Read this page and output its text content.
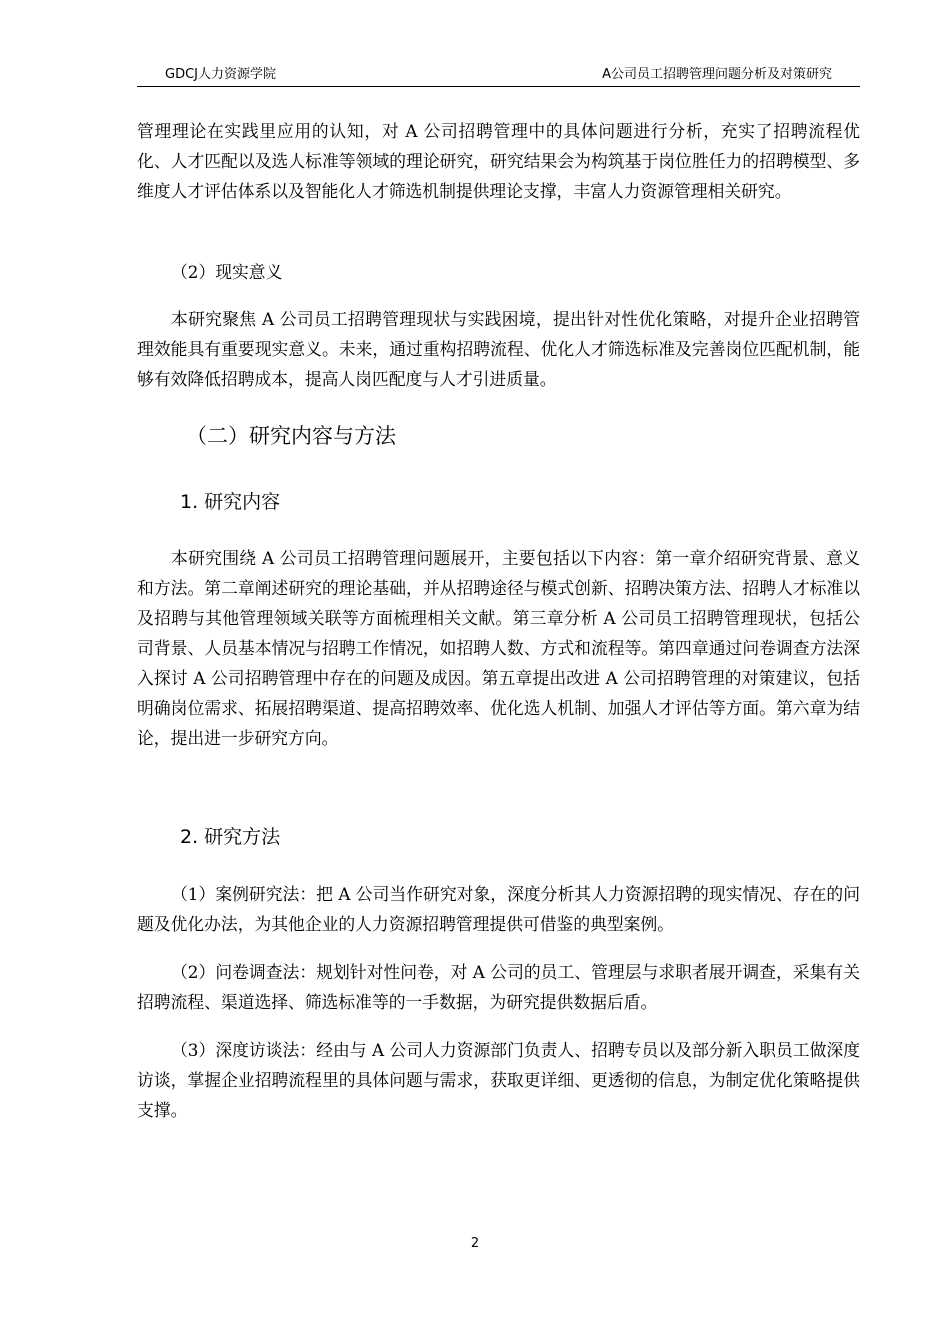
GDCJ人力资源学院	A公司员工招聘管理问题分析及对策研究
管理理论在实践里应用的认知，对 A 公司招聘管理中的具体问题进行分析，充实了招聘流程优化、人才匹配以及选人标准等领域的理论研究，研究结果会为构筑基于岗位胜任力的招聘模型、多维度人才评估体系以及智能化人才筛选机制提供理论支撑，丰富人力资源管理相关研究。
（2）现实意义
本研究聚焦 A 公司员工招聘管理现状与实践困境，提出针对性优化策略，对提升企业招聘管理效能具有重要现实意义。未来，通过重构招聘流程、优化人才筛选标准及完善岗位匹配机制，能够有效降低招聘成本，提高人岗匹配度与人才引进质量。
（二）研究内容与方法
1. 研究内容
本研究围绕 A 公司员工招聘管理问题展开，主要包括以下内容：第一章介绍研究背景、意义和方法。第二章阐述研究的理论基础，并从招聘途径与模式创新、招聘决策方法、招聘人才标准以及招聘与其他管理领域关联等方面梳理相关文献。第三章分析 A 公司员工招聘管理现状，包括公司背景、人员基本情况与招聘工作情况，如招聘人数、方式和流程等。第四章通过问卷调查方法深入探讨 A 公司招聘管理中存在的问题及成因。第五章提出改进 A 公司招聘管理的对策建议，包括明确岗位需求、拓展招聘渠道、提高招聘效率、优化选人机制、加强人才评估等方面。第六章为结论，提出进一步研究方向。
2. 研究方法
（1）案例研究法：把 A 公司当作研究对象，深度分析其人力资源招聘的现实情况、存在的问题及优化办法，为其他企业的人力资源招聘管理提供可借鉴的典型案例。
（2）问卷调查法：规划针对性问卷，对 A 公司的员工、管理层与求职者展开调查，采集有关招聘流程、渠道选择、筛选标准等的一手数据，为研究提供数据后盾。
（3）深度访谈法：经由与 A 公司人力资源部门负责人、招聘专员以及部分新入职员工做深度访谈，掌握企业招聘流程里的具体问题与需求，获取更详细、更透彻的信息，为制定优化策略提供支撑。
2
